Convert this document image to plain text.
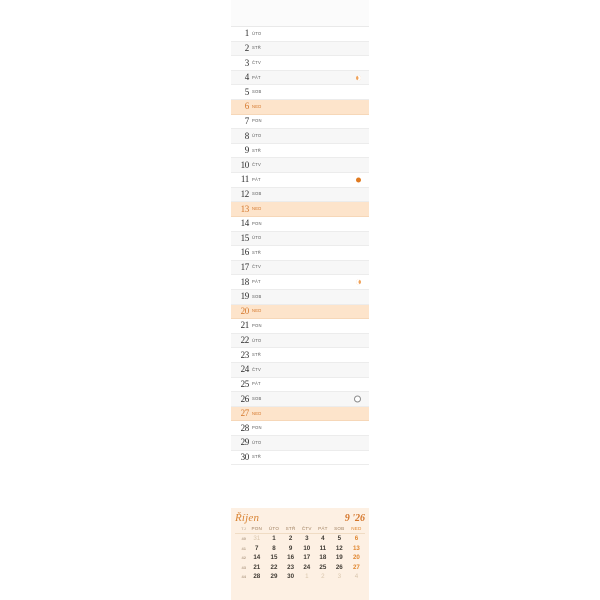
1 ÚTO
2 STŘ
3 ČTV
4 PÁT
5 SOB
6 NED
7 PON
8 ÚTO
9 STŘ
10 ČTV
11 PÁT
12 SOB
13 NED
14 PON
15 ÚTO
16 STŘ
17 ČTV
18 PÁT
19 SOB
20 NED
21 PON
22 ÚTO
23 STŘ
24 ČTV
25 PÁT
26 SOB
27 NED
28 PON
29 ÚTO
30 STŘ
Říjen	9 '26
TJ	PON	ÚTO	STŘ	ČTV	PÁT	SOB	NED
40	31	1	2	3	4	5	6
41	7	8	9	10	11	12	13
42	14	15	16	17	18	19	20
43	21	22	23	24	25	26	27
44	28	29	30	1	2	3	4
